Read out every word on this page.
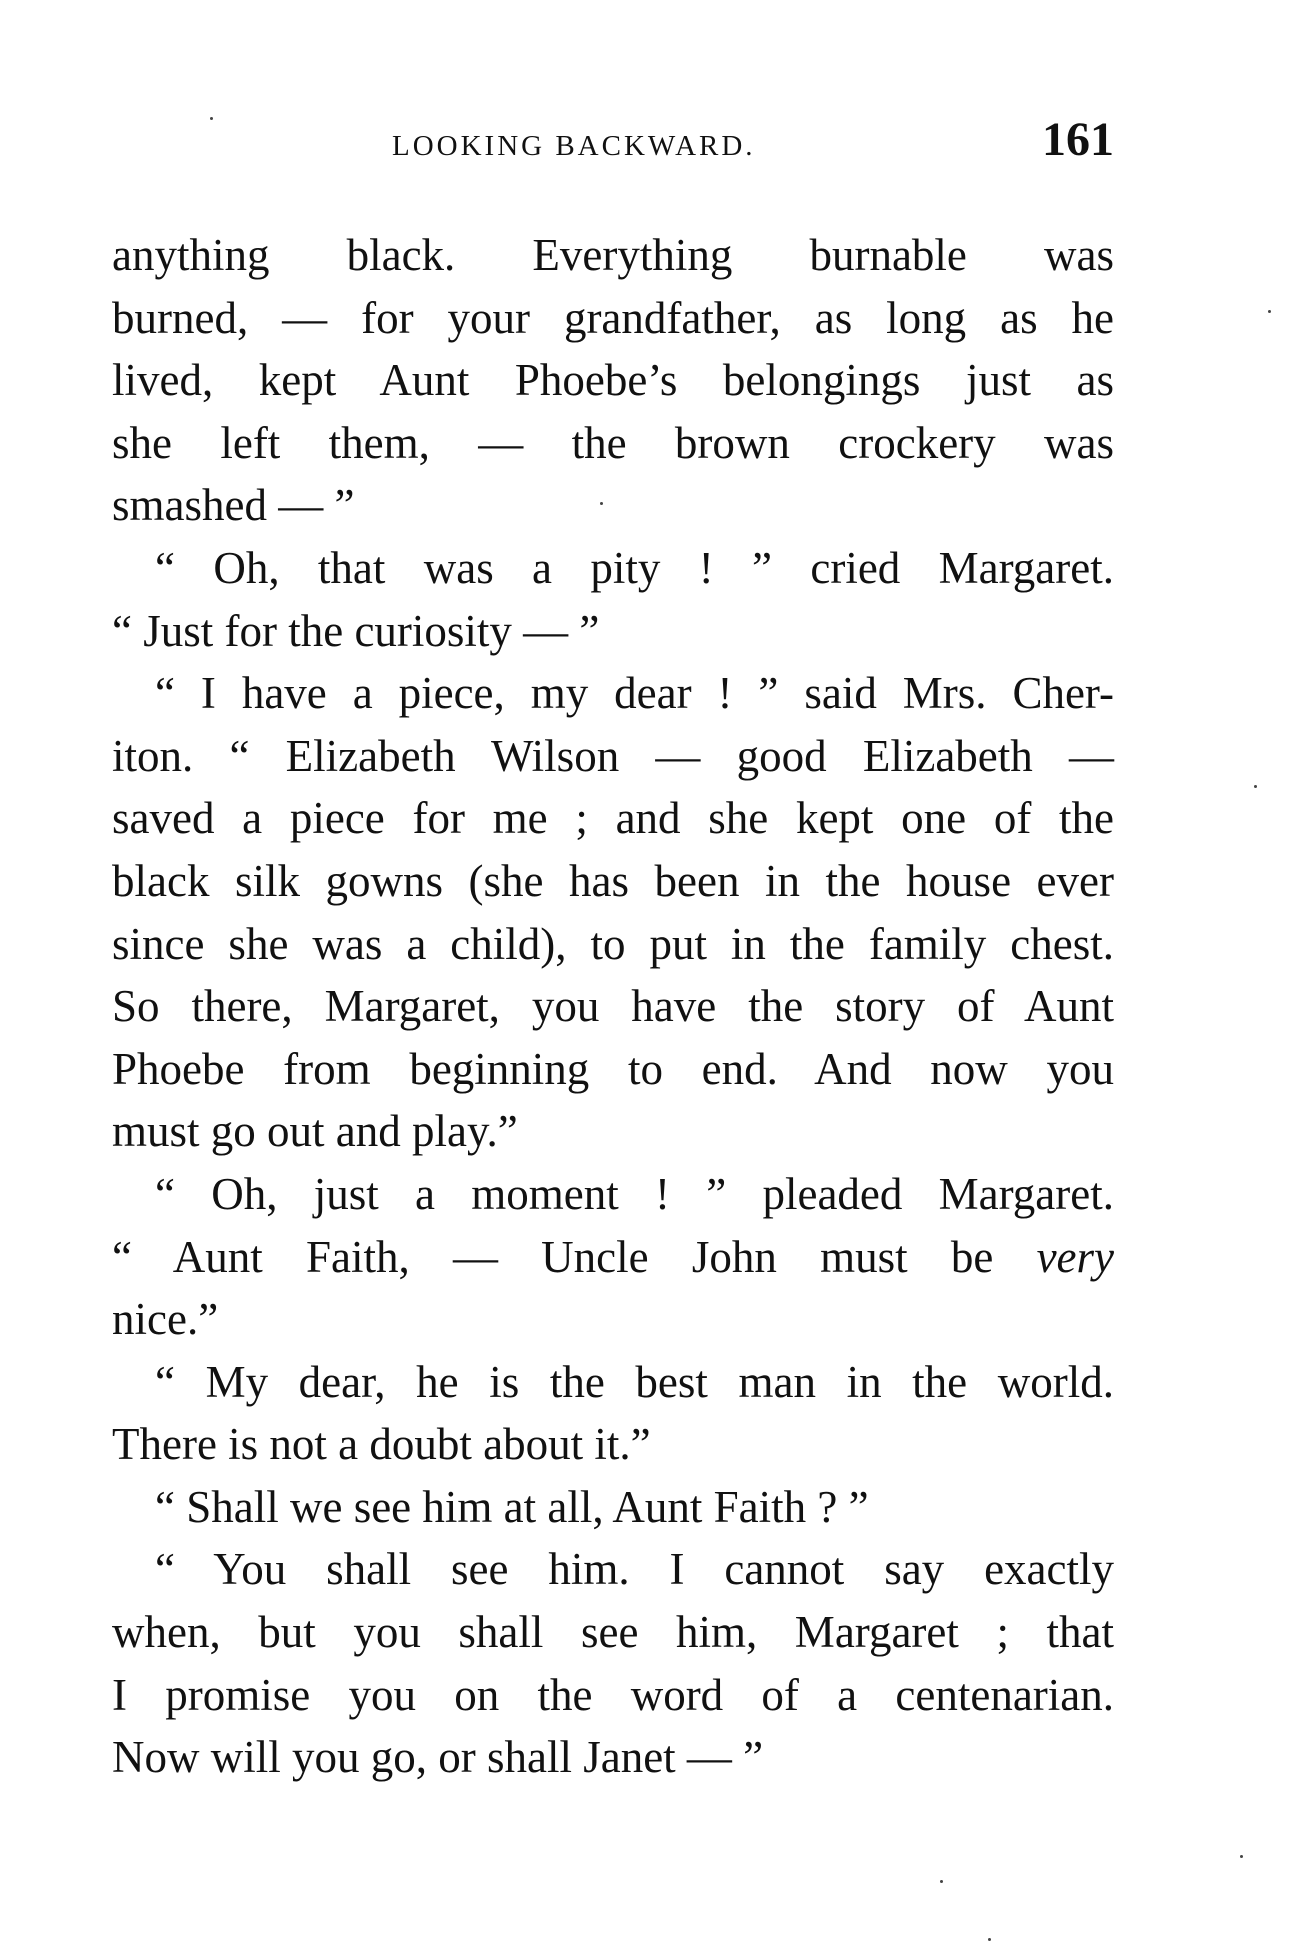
LOOKING BACKWARD.	161
anything black. Everything burnable was
burned, — for your grandfather, as long as he
lived, kept Aunt Phoebe’s belongings just as
she left them, — the brown crockery was
smashed — ”
“ Oh, that was a pity ! ” cried Margaret.
“ Just for the curiosity — ”
“ I have a piece, my dear ! ” said Mrs. Cher-
iton. “ Elizabeth Wilson — good Elizabeth —
saved a piece for me ; and she kept one of the
black silk gowns (she has been in the house ever
since she was a child), to put in the family chest.
So there, Margaret, you have the story of Aunt
Phoebe from beginning to end. And now you
must go out and play.”
“ Oh, just a moment ! ” pleaded Margaret.
“ Aunt Faith, — Uncle John must be very
nice.”
“ My dear, he is the best man in the world.
There is not a doubt about it.”
“ Shall we see him at all, Aunt Faith ? ”
“ You shall see him. I cannot say exactly
when, but you shall see him, Margaret ; that
I promise you on the word of a centenarian.
Now will you go, or shall Janet — ”
